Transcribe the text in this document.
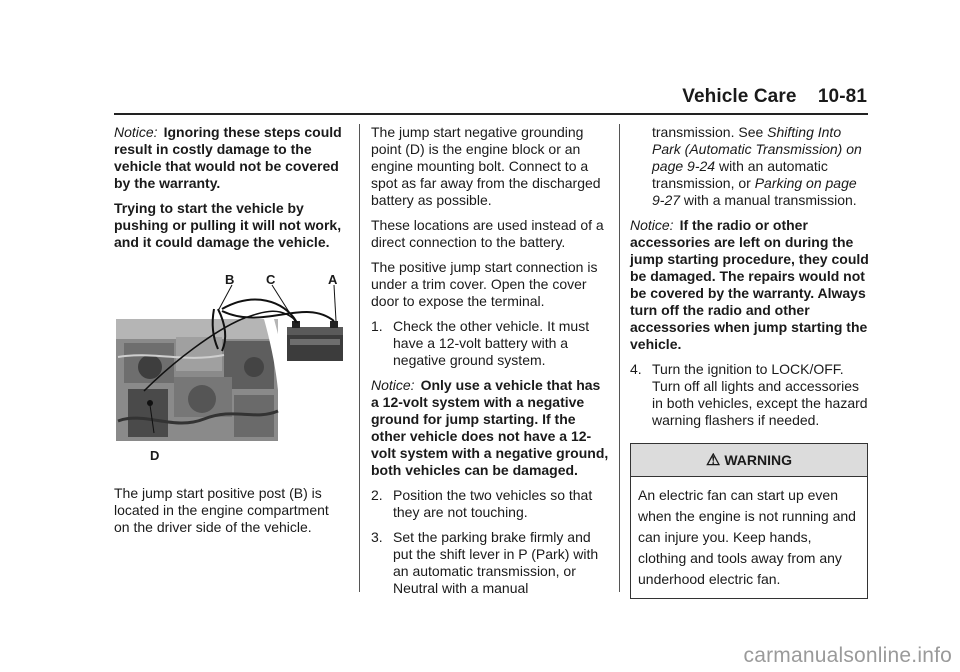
Vehicle Care 10-81

Notice: Ignoring these steps could result in costly damage to the vehicle that would not be covered by the warranty.

Trying to start the vehicle by pushing or pulling it will not work, and it could damage the vehicle.

B C	A
D

The jump start positive post (B) is located in the engine compartment on the driver side of the vehicle.

The jump start negative grounding point (D) is the engine block or an engine mounting bolt. Connect to a spot as far away from the discharged battery as possible.

These locations are used instead of a direct connection to the battery.

The positive jump start connection is under a trim cover. Open the cover door to expose the terminal.

1. Check the other vehicle. It must have a 12-volt battery with a negative ground system.

Notice: Only use a vehicle that has a 12-volt system with a negative ground for jump starting. If the other vehicle does not have a 12-volt system with a negative ground, both vehicles can be damaged.

2. Position the two vehicles so that they are not touching.
3. Set the parking brake firmly and put the shift lever in P (Park) with an automatic transmission, or Neutral with a manual

transmission. See Shifting Into Park (Automatic Transmission) on page 9-24 with an automatic transmission, or Parking on page 9-27 with a manual transmission.

Notice: If the radio or other accessories are left on during the jump starting procedure, they could be damaged. The repairs would not be covered by the warranty. Always turn off the radio and other accessories when jump starting the vehicle.

4. Turn the ignition to LOCK/OFF. Turn off all lights and accessories in both vehicles, except the hazard warning flashers if needed.
⚠ WARNING
An electric fan can start up even when the engine is not running and can injure you. Keep hands, clothing and tools away from any underhood electric fan.
carmanualsonline.info
